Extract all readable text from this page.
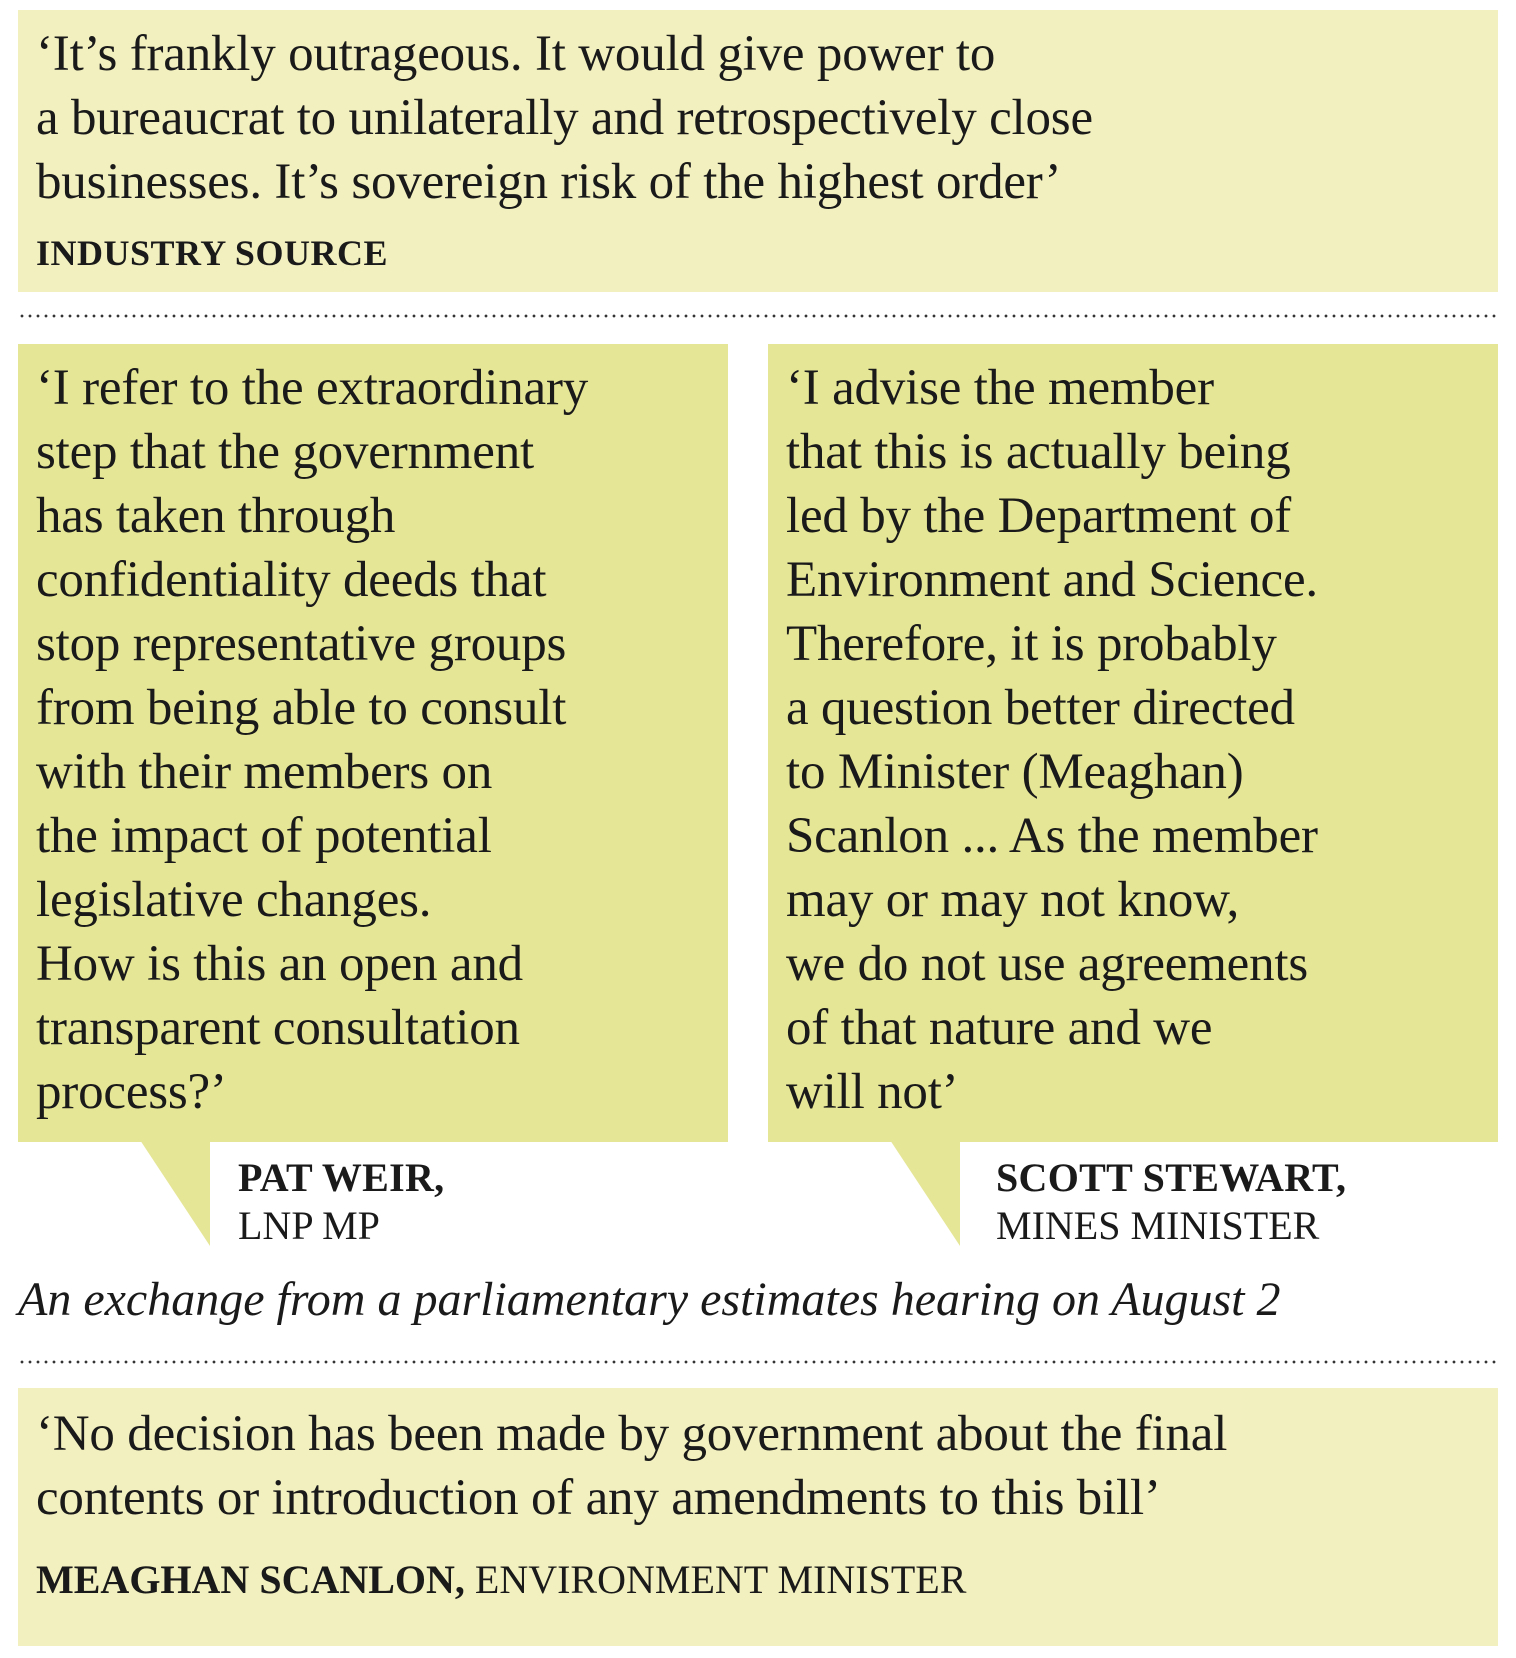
‘It’s frankly outrageous. It would give power to
a bureaucrat to unilaterally and retrospectively close
businesses. It’s sovereign risk of the highest order’
INDUSTRY SOURCE
‘I refer to the extraordinary
step that the government
has taken through
confidentiality deeds that
stop representative groups
from being able to consult
with their members on
the impact of potential
legislative changes.
How is this an open and
transparent consultation
process?’
PAT WEIR,
LNP MP
‘I advise the member
that this is actually being
led by the Department of
Environment and Science.
Therefore, it is probably
a question better directed
to Minister (Meaghan)
Scanlon ... As the member
may or may not know,
we do not use agreements
of that nature and we
will not’
SCOTT STEWART,
MINES MINISTER
An exchange from a parliamentary estimates hearing on August 2
‘No decision has been made by government about the final
contents or introduction of any amendments to this bill’
MEAGHAN SCANLON, ENVIRONMENT MINISTER
